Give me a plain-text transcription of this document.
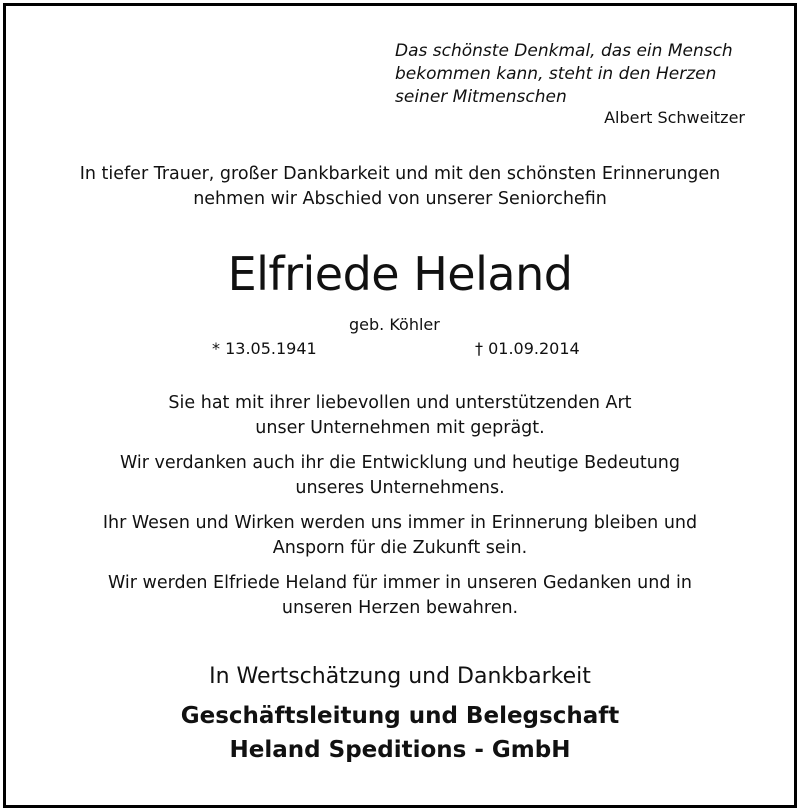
Das schönste Denkmal, das ein Mensch
bekommen kann, steht in den Herzen
seiner Mitmenschen
Albert Schweitzer
In tiefer Trauer, großer Dankbarkeit und mit den schönsten Erinnerungen
nehmen wir Abschied von unserer Seniorchefin
Elfriede Heland
geb. Köhler
* 13.05.1941	† 01.09.2014
Sie hat mit ihrer liebevollen und unterstützenden Art
unser Unternehmen mit geprägt.
Wir verdanken auch ihr die Entwicklung und heutige Bedeutung
unseres Unternehmens.
Ihr Wesen und Wirken werden uns immer in Erinnerung bleiben und
Ansporn für die Zukunft sein.
Wir werden Elfriede Heland für immer in unseren Gedanken und in
unseren Herzen bewahren.
In Wertschätzung und Dankbarkeit
Geschäftsleitung und Belegschaft
Heland Speditions - GmbH
